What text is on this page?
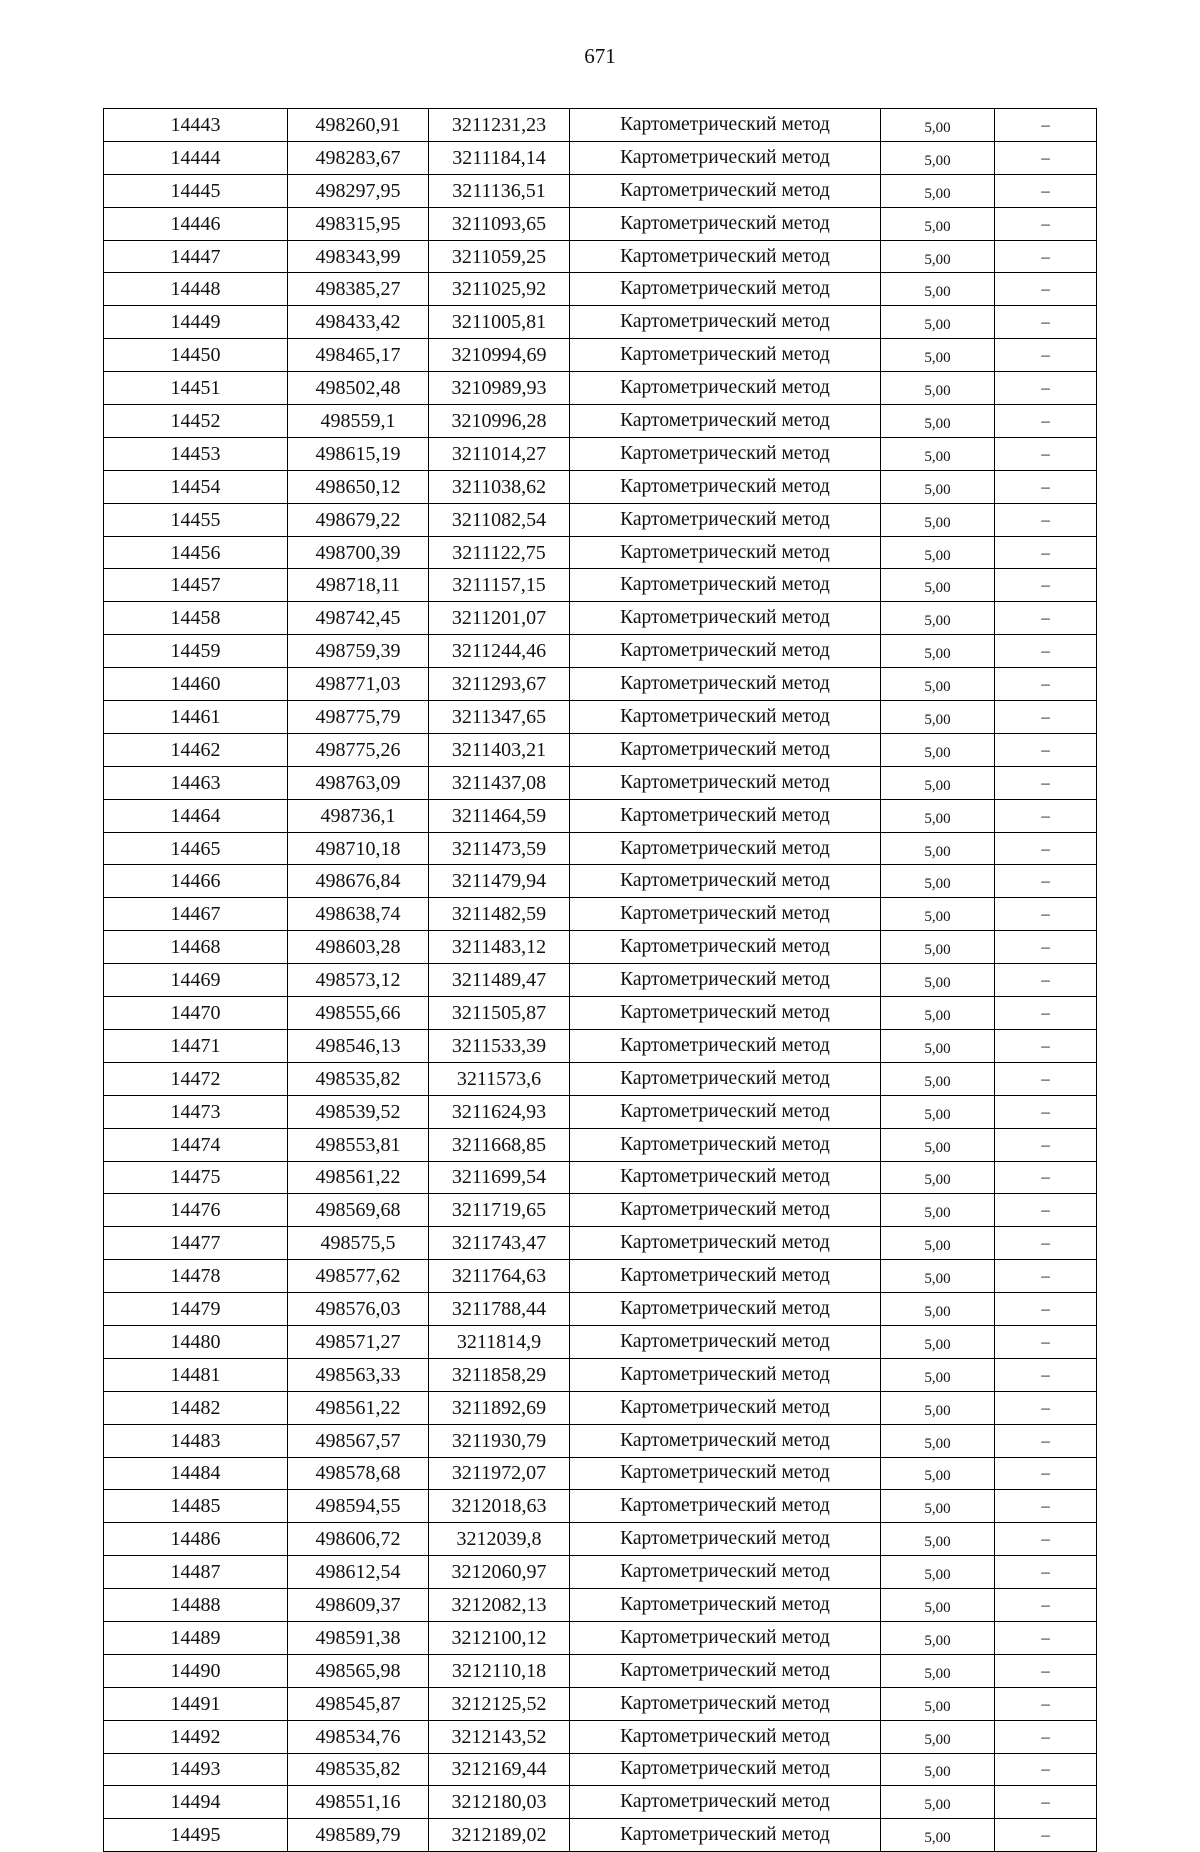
671
14443	498260,91	3211231,23	Картометрический метод	5,00	–
14444	498283,67	3211184,14	Картометрический метод	5,00	–
14445	498297,95	3211136,51	Картометрический метод	5,00	–
14446	498315,95	3211093,65	Картометрический метод	5,00	–
14447	498343,99	3211059,25	Картометрический метод	5,00	–
14448	498385,27	3211025,92	Картометрический метод	5,00	–
14449	498433,42	3211005,81	Картометрический метод	5,00	–
14450	498465,17	3210994,69	Картометрический метод	5,00	–
14451	498502,48	3210989,93	Картометрический метод	5,00	–
14452	498559,1	3210996,28	Картометрический метод	5,00	–
14453	498615,19	3211014,27	Картометрический метод	5,00	–
14454	498650,12	3211038,62	Картометрический метод	5,00	–
14455	498679,22	3211082,54	Картометрический метод	5,00	–
14456	498700,39	3211122,75	Картометрический метод	5,00	–
14457	498718,11	3211157,15	Картометрический метод	5,00	–
14458	498742,45	3211201,07	Картометрический метод	5,00	–
14459	498759,39	3211244,46	Картометрический метод	5,00	–
14460	498771,03	3211293,67	Картометрический метод	5,00	–
14461	498775,79	3211347,65	Картометрический метод	5,00	–
14462	498775,26	3211403,21	Картометрический метод	5,00	–
14463	498763,09	3211437,08	Картометрический метод	5,00	–
14464	498736,1	3211464,59	Картометрический метод	5,00	–
14465	498710,18	3211473,59	Картометрический метод	5,00	–
14466	498676,84	3211479,94	Картометрический метод	5,00	–
14467	498638,74	3211482,59	Картометрический метод	5,00	–
14468	498603,28	3211483,12	Картометрический метод	5,00	–
14469	498573,12	3211489,47	Картометрический метод	5,00	–
14470	498555,66	3211505,87	Картометрический метод	5,00	–
14471	498546,13	3211533,39	Картометрический метод	5,00	–
14472	498535,82	3211573,6	Картометрический метод	5,00	–
14473	498539,52	3211624,93	Картометрический метод	5,00	–
14474	498553,81	3211668,85	Картометрический метод	5,00	–
14475	498561,22	3211699,54	Картометрический метод	5,00	–
14476	498569,68	3211719,65	Картометрический метод	5,00	–
14477	498575,5	3211743,47	Картометрический метод	5,00	–
14478	498577,62	3211764,63	Картометрический метод	5,00	–
14479	498576,03	3211788,44	Картометрический метод	5,00	–
14480	498571,27	3211814,9	Картометрический метод	5,00	–
14481	498563,33	3211858,29	Картометрический метод	5,00	–
14482	498561,22	3211892,69	Картометрический метод	5,00	–
14483	498567,57	3211930,79	Картометрический метод	5,00	–
14484	498578,68	3211972,07	Картометрический метод	5,00	–
14485	498594,55	3212018,63	Картометрический метод	5,00	–
14486	498606,72	3212039,8	Картометрический метод	5,00	–
14487	498612,54	3212060,97	Картометрический метод	5,00	–
14488	498609,37	3212082,13	Картометрический метод	5,00	–
14489	498591,38	3212100,12	Картометрический метод	5,00	–
14490	498565,98	3212110,18	Картометрический метод	5,00	–
14491	498545,87	3212125,52	Картометрический метод	5,00	–
14492	498534,76	3212143,52	Картометрический метод	5,00	–
14493	498535,82	3212169,44	Картометрический метод	5,00	–
14494	498551,16	3212180,03	Картометрический метод	5,00	–
14495	498589,79	3212189,02	Картометрический метод	5,00	–
